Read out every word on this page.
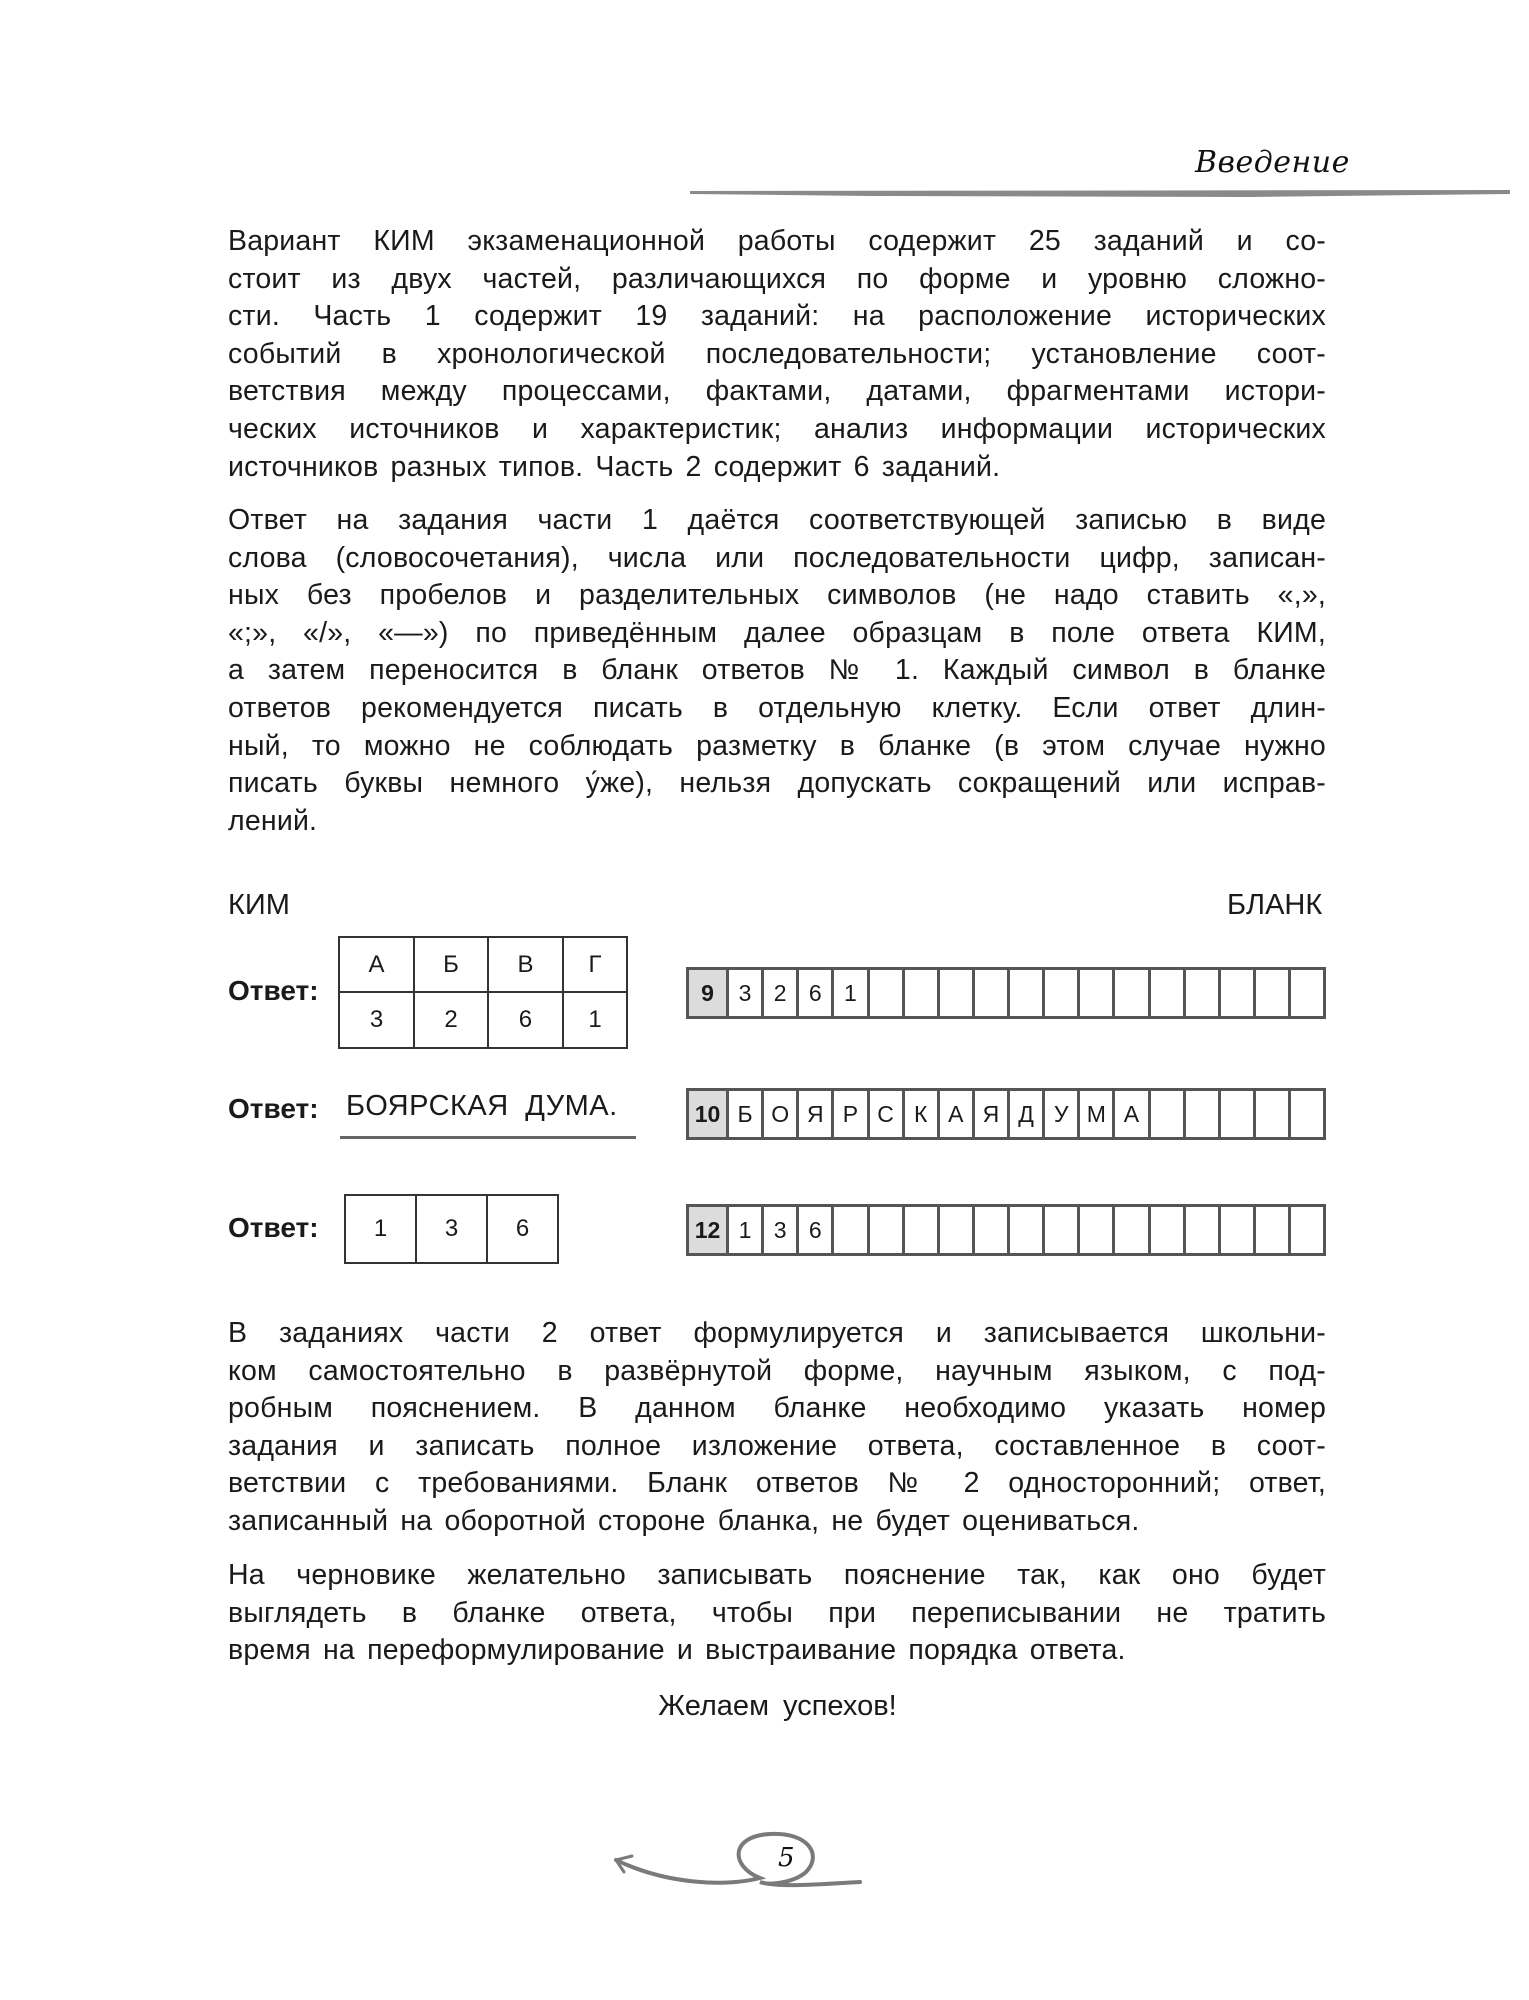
Введение
Вариант КИМ экзаменационной работы содержит 25 заданий и со-
стоит из двух частей, различающихся по форме и уровню сложно-
сти. Часть 1 содержит 19 заданий: на расположение исторических
событий в хронологической последовательности; установление соот-
ветствия между процессами, фактами, датами, фрагментами истори-
ческих источников и характеристик; анализ информации исторических
источников разных типов. Часть 2 содержит 6 заданий.
Ответ на задания части 1 даётся соответствующей записью в виде
слова (словосочетания), числа или последовательности цифр, записан-
ных без пробелов и разделительных символов (не надо ставить «,»,
«;», «/», «—») по приведённым далее образцам в поле ответа КИМ,
а затем переносится в бланк ответов № 1. Каждый символ в бланке
ответов рекомендуется писать в отдельную клетку. Если ответ длин-
ный, то можно не соблюдать разметку в бланке (в этом случае нужно
писать буквы немного у́же), нельзя допускать сокращений или исправ-
лений.
КИМ	БЛАНК
Ответ:
А	Б	В	Г
3	2	6	1
9	3 2 6 1
Ответ: БОЯРСКАЯ ДУМА.	10 Б О Я Р С К А Я Д У М А
Ответ: 1	3	6	12 1 3 6
В заданиях части 2 ответ формулируется и записывается школьни-
ком самостоятельно в развёрнутой форме, научным языком, с под-
робным пояснением. В данном бланке необходимо указать номер
задания и записать полное изложение ответа, составленное в соот-
ветствии с требованиями. Бланк ответов № 2 односторонний; ответ,
записанный на оборотной стороне бланка, не будет оцениваться.
На черновике желательно записывать пояснение так, как оно будет
выглядеть в бланке ответа, чтобы при переписывании не тратить
время на переформулирование и выстраивание порядка ответа.
Желаем успехов!
5
